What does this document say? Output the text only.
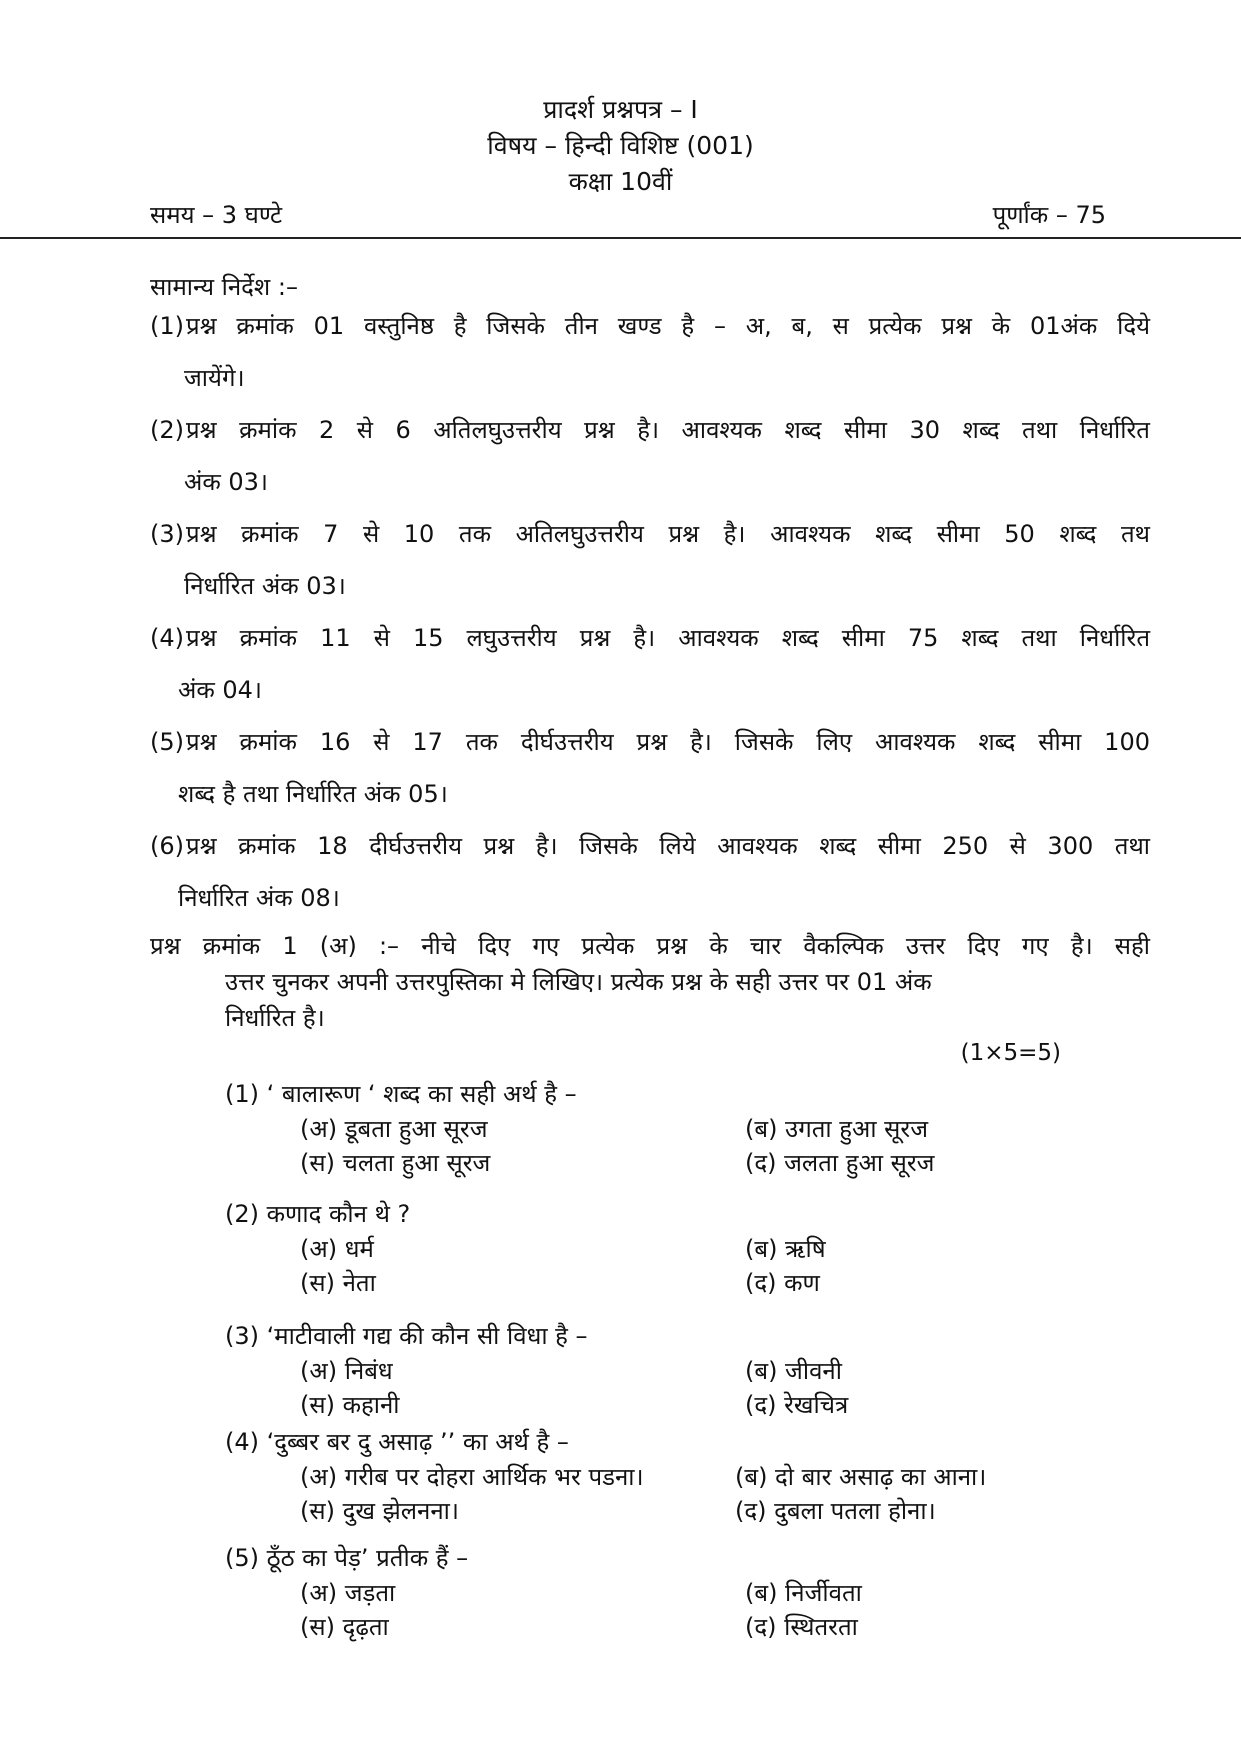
प्रादर्श प्रश्नपत्र – I
विषय – हिन्दी विशिष्ट (001)
कक्षा 10वीं
समय – 3 घण्टे	पूर्णांक – 75
सामान्य निर्देश :–
(1)प्रश्न क्रमांक 01 वस्तुनिष्ठ है जिसके तीन खण्ड है – अ, ब, स प्रत्येक प्रश्न के 01अंक दिये
जायेंगे।
(2)प्रश्न क्रमांक 2 से 6 अतिलघुउत्तरीय प्रश्न है। आवश्यक शब्द सीमा 30 शब्द तथा निर्धारित
अंक 03।
(3)प्रश्न क्रमांक 7 से 10 तक अतिलघुउत्तरीय प्रश्न है। आवश्यक शब्द सीमा 50 शब्द तथ
निर्धारित अंक 03।
(4)प्रश्न क्रमांक 11 से 15 लघुउत्तरीय प्रश्न है। आवश्यक शब्द सीमा 75 शब्द तथा निर्धारित
अंक 04।
(5)प्रश्न क्रमांक 16 से 17 तक दीर्घउत्तरीय प्रश्न है। जिसके लिए आवश्यक शब्द सीमा 100
शब्द है तथा निर्धारित अंक 05।
(6)प्रश्न क्रमांक 18 दीर्घउत्तरीय प्रश्न है। जिसके लिये आवश्यक शब्द सीमा 250 से 300 तथा
निर्धारित अंक 08।
प्रश्न क्रमांक 1 (अ) :– नीचे दिए गए प्रत्येक प्रश्न के चार वैकल्पिक उत्तर दिए गए है। सही
उत्तर चुनकर अपनी उत्तरपुस्तिका मे लिखिए। प्रत्येक प्रश्न के सही उत्तर पर 01 अंक
निर्धारित है।
(1×5=5)
(1) ‘ बालारूण ‘ शब्द का सही अर्थ है –
(अ) डूबता हुआ सूरज	(ब) उगता हुआ सूरज
(स) चलता हुआ सूरज	(द) जलता हुआ सूरज
(2) कणाद कौन थे ?
(अ) धर्म	(ब) ऋषि
(स) नेता	(द) कण
(3) ‘माटीवाली गद्य की कौन सी विधा है –
(अ) निबंध	(ब) जीवनी
(स) कहानी	(द) रेखचित्र
(4) ‘दुब्बर बर दु असाढ़ ’’ का अर्थ है –
(अ) गरीब पर दोहरा आर्थिक भर पडना।	(ब) दो बार असाढ़ का आना।
(स) दुख झेलनना।	(द) दुबला पतला होना।
(5) ठूँठ का पेड़’ प्रतीक हैं –
(अ) जड़ता	(ब) निर्जीवता
(स) दृढ़ता	(द) स्थितरता
